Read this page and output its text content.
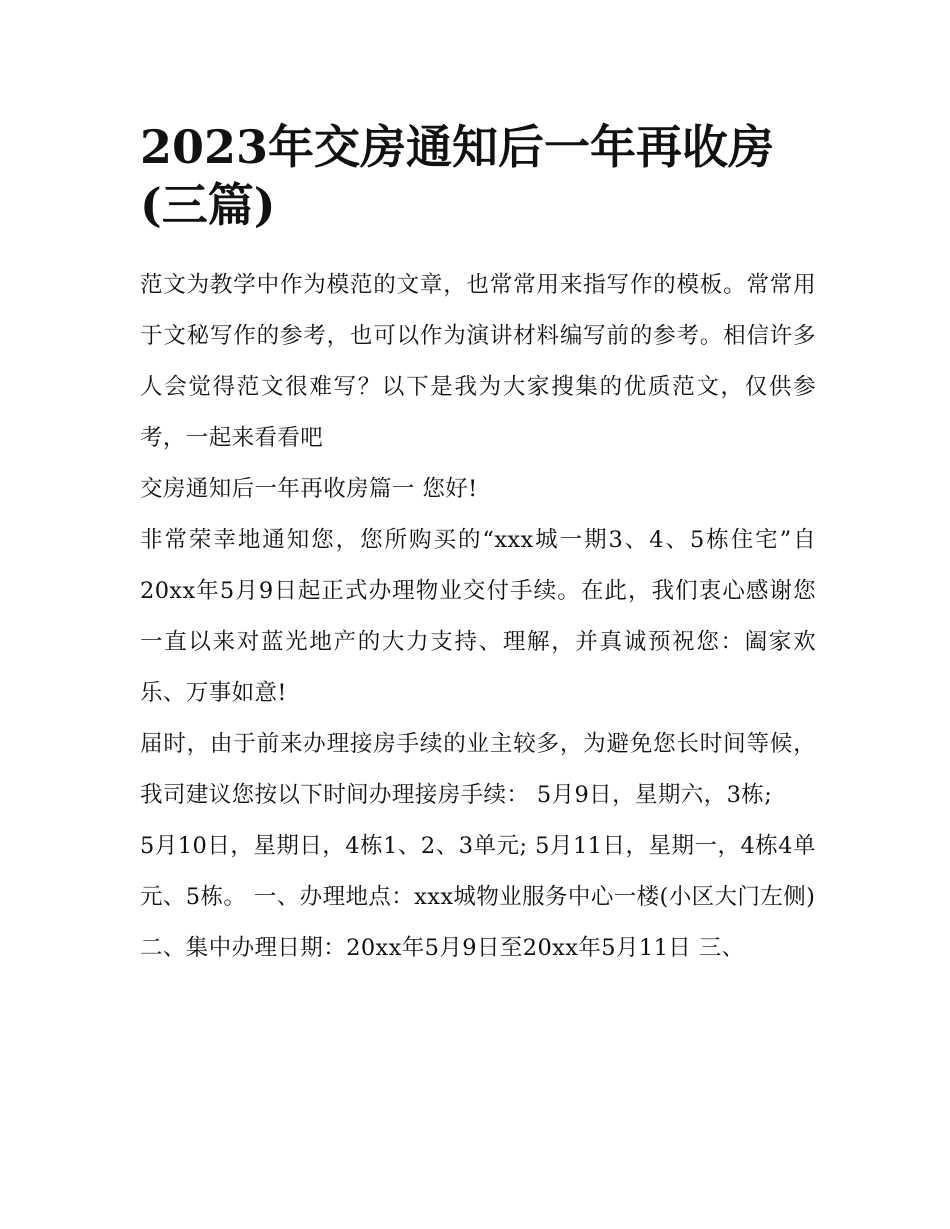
2023年交房通知后一年再收房(三篇)

范文为教学中作为模范的文章，也常常用来指写作的模板。常常用于文秘写作的参考，也可以作为演讲材料编写前的参考。相信许多人会觉得范文很难写？以下是我为大家搜集的优质范文，仅供参考，一起来看看吧

交房通知后一年再收房篇一 您好!

非常荣幸地通知您，您所购买的“xxx城一期3、4、5栋住宅”自20xx年5月9日起正式办理物业交付手续。在此，我们衷心感谢您一直以来对蓝光地产的大力支持、理解，并真诚预祝您：阖家欢乐、万事如意!

届时，由于前来办理接房手续的业主较多，为避免您长时间等候，我司建议您按以下时间办理接房手续： 5月9日，星期六，3栋;

5月10日，星期日，4栋1、2、3单元; 5月11日，星期一，4栋4单元、5栋。 一、办理地点：xxx城物业服务中心一楼(小区大门左侧)

二、集中办理日期：20xx年5月9日至20xx年5月11日 三、
